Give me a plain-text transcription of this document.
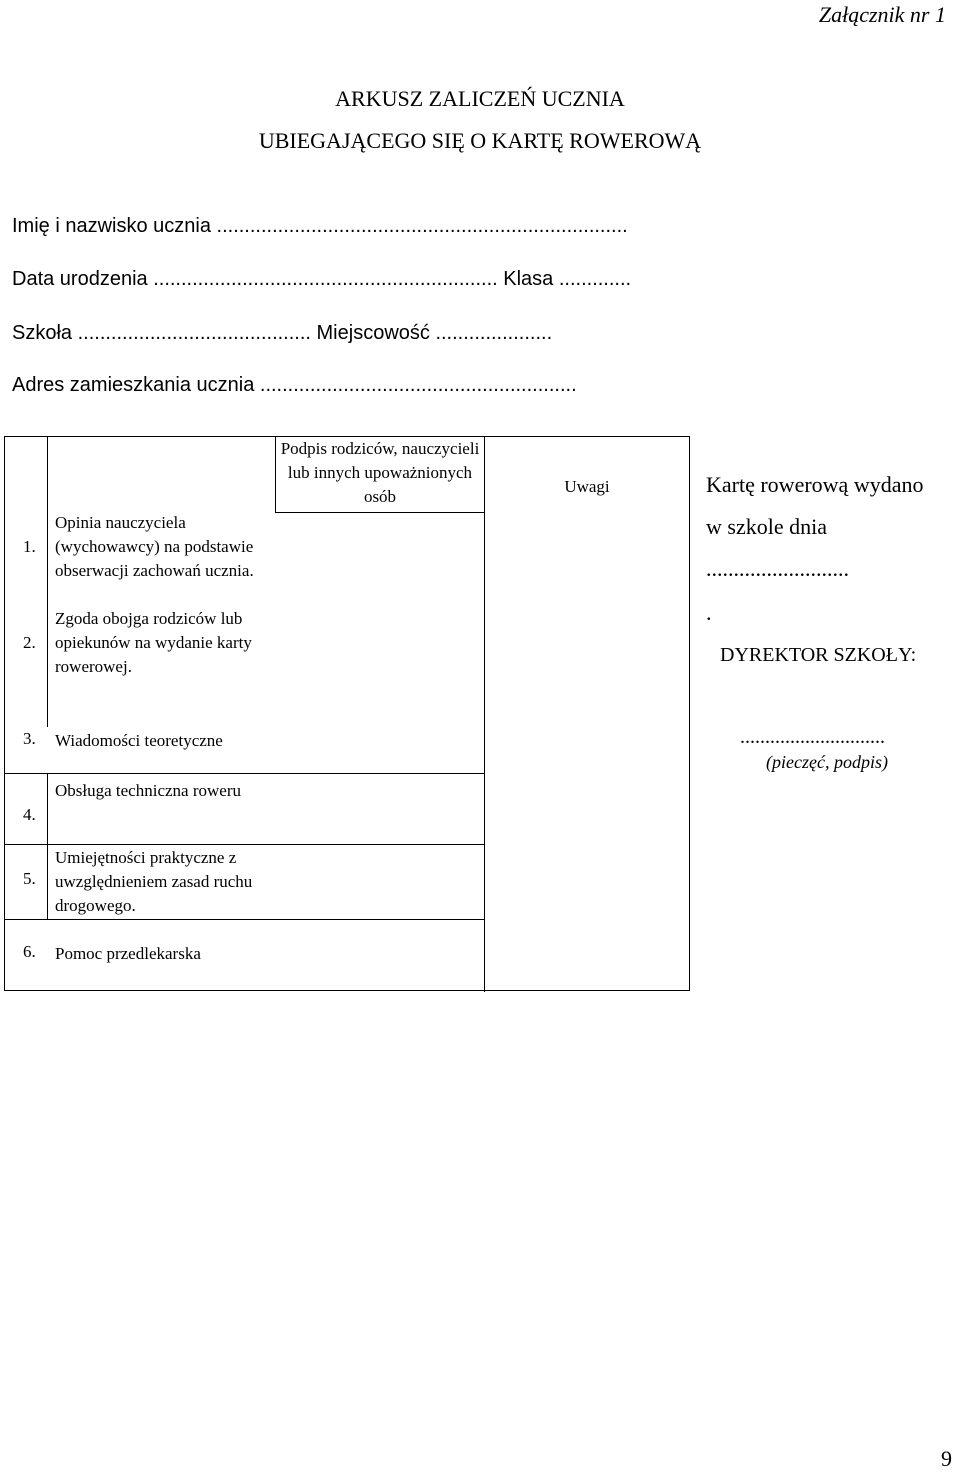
Załącznik nr 1
ARKUSZ ZALICZEŃ UCZNIA
UBIEGAJĄCEGO SIĘ O KARTĘ ROWEROWĄ
Imię i nazwisko ucznia ..........................................................................
Data urodzenia .............................................................. Klasa .............
Szkoła .......................................... Miejscowość .....................
Adres zamieszkania ucznia .........................................................
1.
Opinia nauczyciela (wychowawcy) na podstawie obserwacji zachowań ucznia.
2.
Zgoda obojga rodziców lub opiekunów na wydanie karty rowerowej.
Podpis rodziców, nauczycieli lub innych upoważnionych osób
Uwagi
3. Wiadomości teoretyczne
4.
Obsługa techniczna roweru
5.
Umiejętności praktyczne z uwzględnieniem zasad ruchu drogowego.
6. Pomoc przedlekarska
Kartę rowerową wydano
w szkole dnia
..........................
.
DYREKTOR SZKOŁY:
.............................
(pieczęć, podpis)
9
